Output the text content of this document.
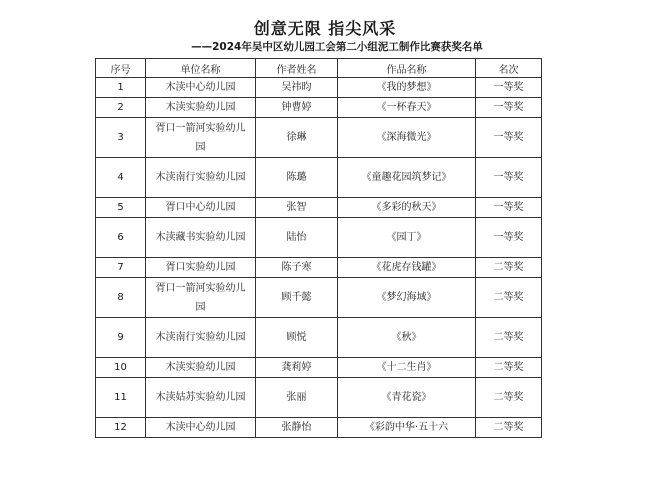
创意无限 指尖风采
——2024年吴中区幼儿园工会第二小组泥工制作比赛获奖名单
序号	单位名称	作者姓名	作品名称	名次
1	木渎中心幼儿园	吴祎昀	《我的梦想》	一等奖
2	木渎实验幼儿园	钟曹婷	《一杯春天》	一等奖
3	胥口一箭河实验幼儿园	徐琳	《深海微光》	一等奖
4	木渎南行实验幼儿园	陈璐	《童趣花园筑梦记》	一等奖
5	胥口中心幼儿园	张智	《多彩的秋天》	一等奖
6	木渎藏书实验幼儿园	陆怡	《园丁》	一等奖
7	胥口实验幼儿园	陈子寒	《花虎存钱罐》	二等奖
8	胥口一箭河实验幼儿园	顾千懿	《梦幻海域》	二等奖
9	木渎南行实验幼儿园	顾悦	《秋》	二等奖
10	木渎实验幼儿园	龚莉婷	《十二生肖》	二等奖
11	木渎姑苏实验幼儿园	张丽	《青花瓷》	二等奖
12	木渎中心幼儿园	张静怡	《彩韵中华·五十六	二等奖
